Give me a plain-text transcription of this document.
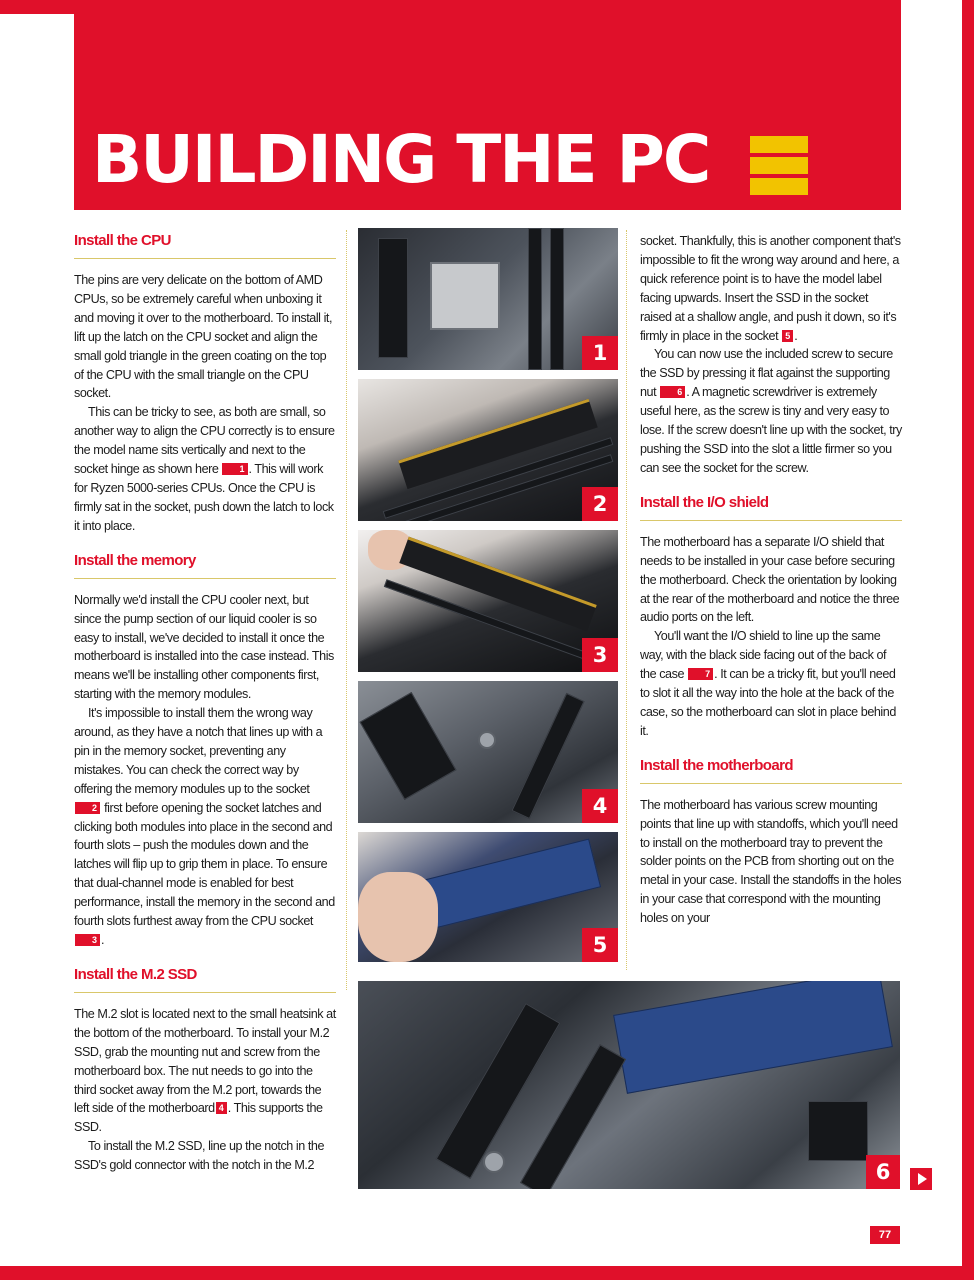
BUILDING THE PC
Install the CPU

The pins are very delicate on the bottom of AMD CPUs, so be extremely careful when unboxing it and moving it over to the motherboard. To install it, lift up the latch on the CPU socket and align the small gold triangle in the green coating on the top of the CPU with the small triangle on the CPU socket.

This can be tricky to see, as both are small, so another way to align the CPU correctly is to ensure the model name sits vertically and next to the socket hinge as shown here 1 . This will work for Ryzen 5000-series CPUs. Once the CPU is firmly sat in the socket, push down the latch to lock it into place.

Install the memory

Normally we'd install the CPU cooler next, but since the pump section of our liquid cooler is so easy to install, we've decided to install it once the motherboard is installed into the case instead. This means we'll be installing other components first, starting with the memory modules.

It's impossible to install them the wrong way around, as they have a notch that lines up with a pin in the memory socket, preventing any mistakes. You can check the correct way by offering the memory modules up to the socket 2 first before opening the socket latches and clicking both modules into place in the second and fourth slots – push the modules down and the latches will flip up to grip them in place. To ensure that dual-channel mode is enabled for best performance, install the memory in the second and fourth slots furthest away from the CPU socket3 .

Install the M.2 SSD

The M.2 slot is located next to the small heatsink at the bottom of the motherboard. To install your M.2 SSD, grab the mounting nut and screw from the motherboard box. The nut needs to go into the third socket away from the M.2 port, towards the left side of the motherboard 4 . This supports the SSD.

To install the M.2 SSD, line up the notch in the SSD's gold connector with the notch in the M.2

1
2
3
4
5
6

socket. Thankfully, this is another component that's impossible to fit the wrong way around and here, a quick reference point is to have the model label facing upwards. Insert the SSD in the socket raised at a shallow angle, and push it down, so it's firmly in place in the socket 5 .

You can now use the included screw to secure the SSD by pressing it flat against the supporting nut 6 . A magnetic screwdriver is extremely useful here, as the screw is tiny and very easy to lose. If the screw doesn't line up with the socket, try pushing the SSD into the slot a little firmer so you can see the socket for the screw.

Install the I/O shield

The motherboard has a separate I/O shield that needs to be installed in your case before securing the motherboard. Check the orientation by looking at the rear of the motherboard and notice the three audio ports on the left.

You'll want the I/O shield to line up the same way, with the black side facing out of the back of the case 7 . It can be a tricky fit, but you'll need to slot it all the way into the hole at the back of the case, so the motherboard can slot in place behind it.

Install the motherboard

The motherboard has various screw mounting points that line up with standoffs, which you'll need to install on the motherboard tray to prevent the solder points on the PCB from shorting out on the metal in your case. Install the standoffs in the holes in your case that correspond with the mounting holes on your

77
